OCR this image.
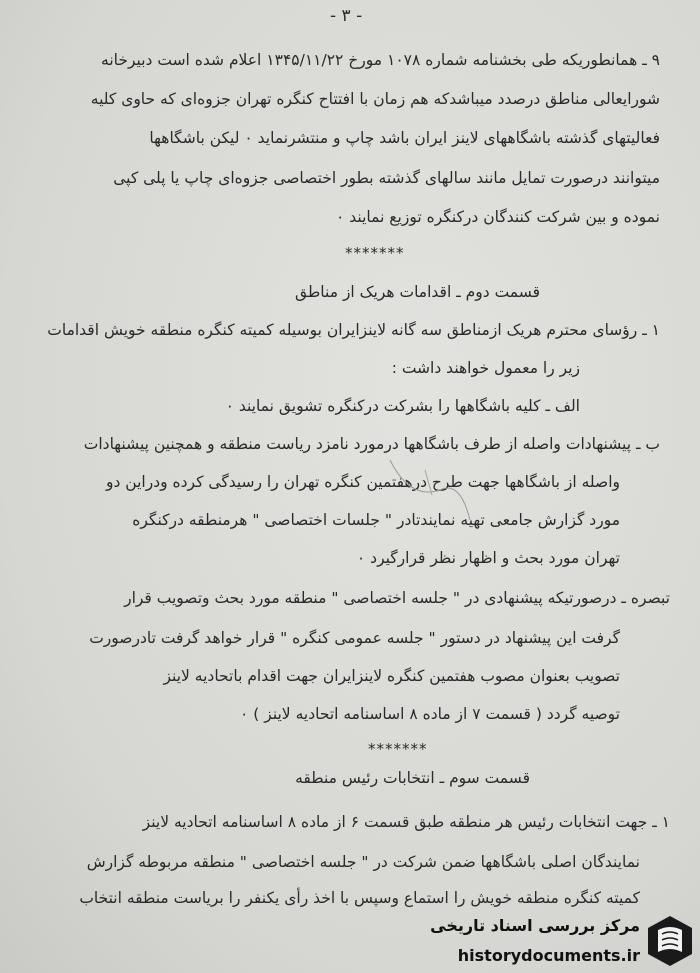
- ۳ -
۹ ـ همانطوریکه طی بخشنامه شماره ۱۰۷۸ مورخ ۱۳۴۵/۱۱/۲۲ اعلام شده است دبیرخانه
شورایعالی مناطق درصدد میباشدکه هم زمان با افتتاح کنگره تهران جزوه‌ای که حاوی کلیه
فعالیتهای گذشته باشگاههای لاینز ایران باشد چاپ و منتشرنماید ٠ لیکن باشگاهها
میتوانند درصورت تمایل مانند سالهای گذشته بطور اختصاصی جزوه‌ای چاپ یا پلی کپی
نموده و بین شرکت کنندگان درکنگره توزیع نمایند ٠
*******
قسمت دوم ـ اقدامات هریک از مناطق
۱ ـ رؤسای محترم هریک ازمناطق سه گانه لاینزایران بوسیله کمیته کنگره منطقه خویش اقدامات
زیر را معمول خواهند داشت :
الف ـ کلیه باشگاهها را بشرکت درکنگره تشویق نمایند ٠
ب ـ پیشنهادات واصله از طرف باشگاهها درمورد نامزد ریاست منطقه و همچنین پیشنهادات
واصله از باشگاهها جهت طرح درهفتمین کنگره تهران را رسیدگی کرده ودراین دو
مورد گزارش جامعی تهیه نمایندتادر " جلسات اختصاصی " هرمنطقه درکنگره
تهران مورد بحث و اظهار نظر قرارگیرد ٠
تبصره ـ درصورتیکه پیشنهادی در " جلسه اختصاصی " منطقه مورد بحث وتصویب قرار
گرفت این پیشنهاد در دستور " جلسه عمومی کنگره " قرار خواهد گرفت تادرصورت
تصویب بعنوان مصوب هفتمین کنگره لاینزایران جهت اقدام باتحادیه لاینز
توصیه گردد ( قسمت ۷ از ماده ۸ اساسنامه اتحادیه لاینز ) ٠
*******
قسمت سوم ـ انتخابات رئیس منطقه
۱ ـ جهت انتخابات رئیس هر منطقه طبق قسمت ۶ از ماده ۸ اساسنامه اتحادیه لاینز
نمایندگان اصلی باشگاهها ضمن شرکت در " جلسه اختصاصی " منطقه مربوطه گزارش
کمیته کنگره منطقه خویش را استماع وسپس با اخذ رأی یکنفر را بریاست منطقه انتخاب
مرکز بررسی اسناد تاریخی
historydocuments.ir
